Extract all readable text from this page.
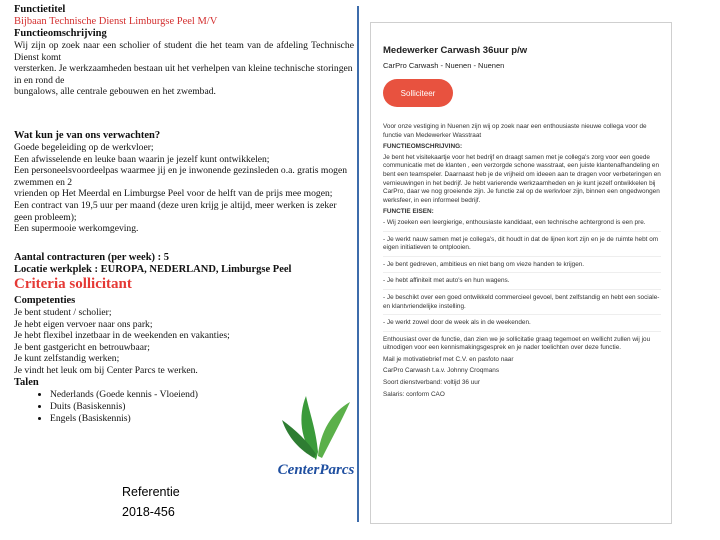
Functietitel
Bijbaan Technische Dienst Limburgse Peel M/V
Functieomschrijving

Wij zijn op zoek naar een scholier of student die het team van de afdeling Technische Dienst komt

versterken. Je werkzaamheden bestaan uit het verhelpen van kleine technische storingen in en rond de

bungalows, alle centrale gebouwen en het zwembad.

Wat kun je van ons verwachten?

Goede begeleiding op de werkvloer;

Een afwisselende en leuke baan waarin je jezelf kunt ontwikkelen;

Een personeelsvoordeelpas waarmee jij en je inwonende gezinsleden o.a. gratis mogen zwemmen en 2

vrienden op Het Meerdal en Limburgse Peel voor de helft van de prijs mee mogen;

Een contract van 19,5 uur per maand (deze uren krijg je altijd, meer werken is zeker geen probleem);

Een supermooie werkomgeving.

Aantal contracturen (per week) : 5
Locatie werkplek : EUROPA, NEDERLAND, Limburgse Peel
Criteria sollicitant
Competenties

Je bent student / scholier;

Je hebt eigen vervoer naar ons park;

Je hebt flexibel inzetbaar in de weekenden en vakanties;

Je bent gastgericht en betrouwbaar;

Je kunt zelfstandig werken;

Je vindt het leuk om bij Center Parcs te werken.

Talen
• Nederlands (Goede kennis - Vloeiend)
• Duits (Basiskennis)
• Engels (Basiskennis)
CenterParcs
Referentie
2018-456
Medewerker Carwash 36uur p/w
CarPro Carwash - Nuenen - Nuenen
Solliciteer

Voor onze vestiging in Nuenen zijn wij op zoek naar een enthousiaste nieuwe collega voor de functie van Medewerker Wasstraat

FUNCTIEOMSCHRIJVING:

Je bent het visitekaartje voor het bedrijf en draagt samen met je collega's zorg voor een goede communicatie met de klanten , een verzorgde schone wasstraat, een juiste klantenafhandeling en bent een teamspeler. Daarnaast heb je de vrijheid om ideeen aan te dragen voor verbeteringen en vernieuwingen in het bedrijf. Je hebt varierende werkzaamheden en je kunt jezelf ontwikkelen bij CarPro, daar we nog groeiende zijn. Je functie zal op de werkvloer zijn, binnen een ongedwongen werksfeer, in een informeel bedrijf.

FUNCTIE EISEN:

- Wij zoeken een leergierige, enthousiaste kandidaat, een technische achtergrond is een pre.

- Je werkt nauw samen met je collega's, dit houdt in dat de lijnen kort zijn en je de ruimte hebt om eigen initiatieven te ontplooien.

- Je bent gedreven, ambitieus en niet bang om vieze handen te krijgen.

- Je hebt affiniteit met auto's en hun wagens.

- Je beschikt over een goed ontwikkeld commercieel gevoel, bent zelfstandig en hebt een sociale- en klantvriendelijke instelling.

- Je werkt zowel door de week als in de weekenden.

Enthousiast over de functie, dan zien we je sollicitatie graag tegemoet en wellicht zullen wij jou uitnodigen voor een kennismakingsgesprek en je nader toelichten over deze functie.

Mail je motivatiebrief met C.V. en pasfoto naar

CarPro Carwash t.a.v. Johnny Croqmans

Soort dienstverband: voltijd 36 uur

Salaris: conform CAO
